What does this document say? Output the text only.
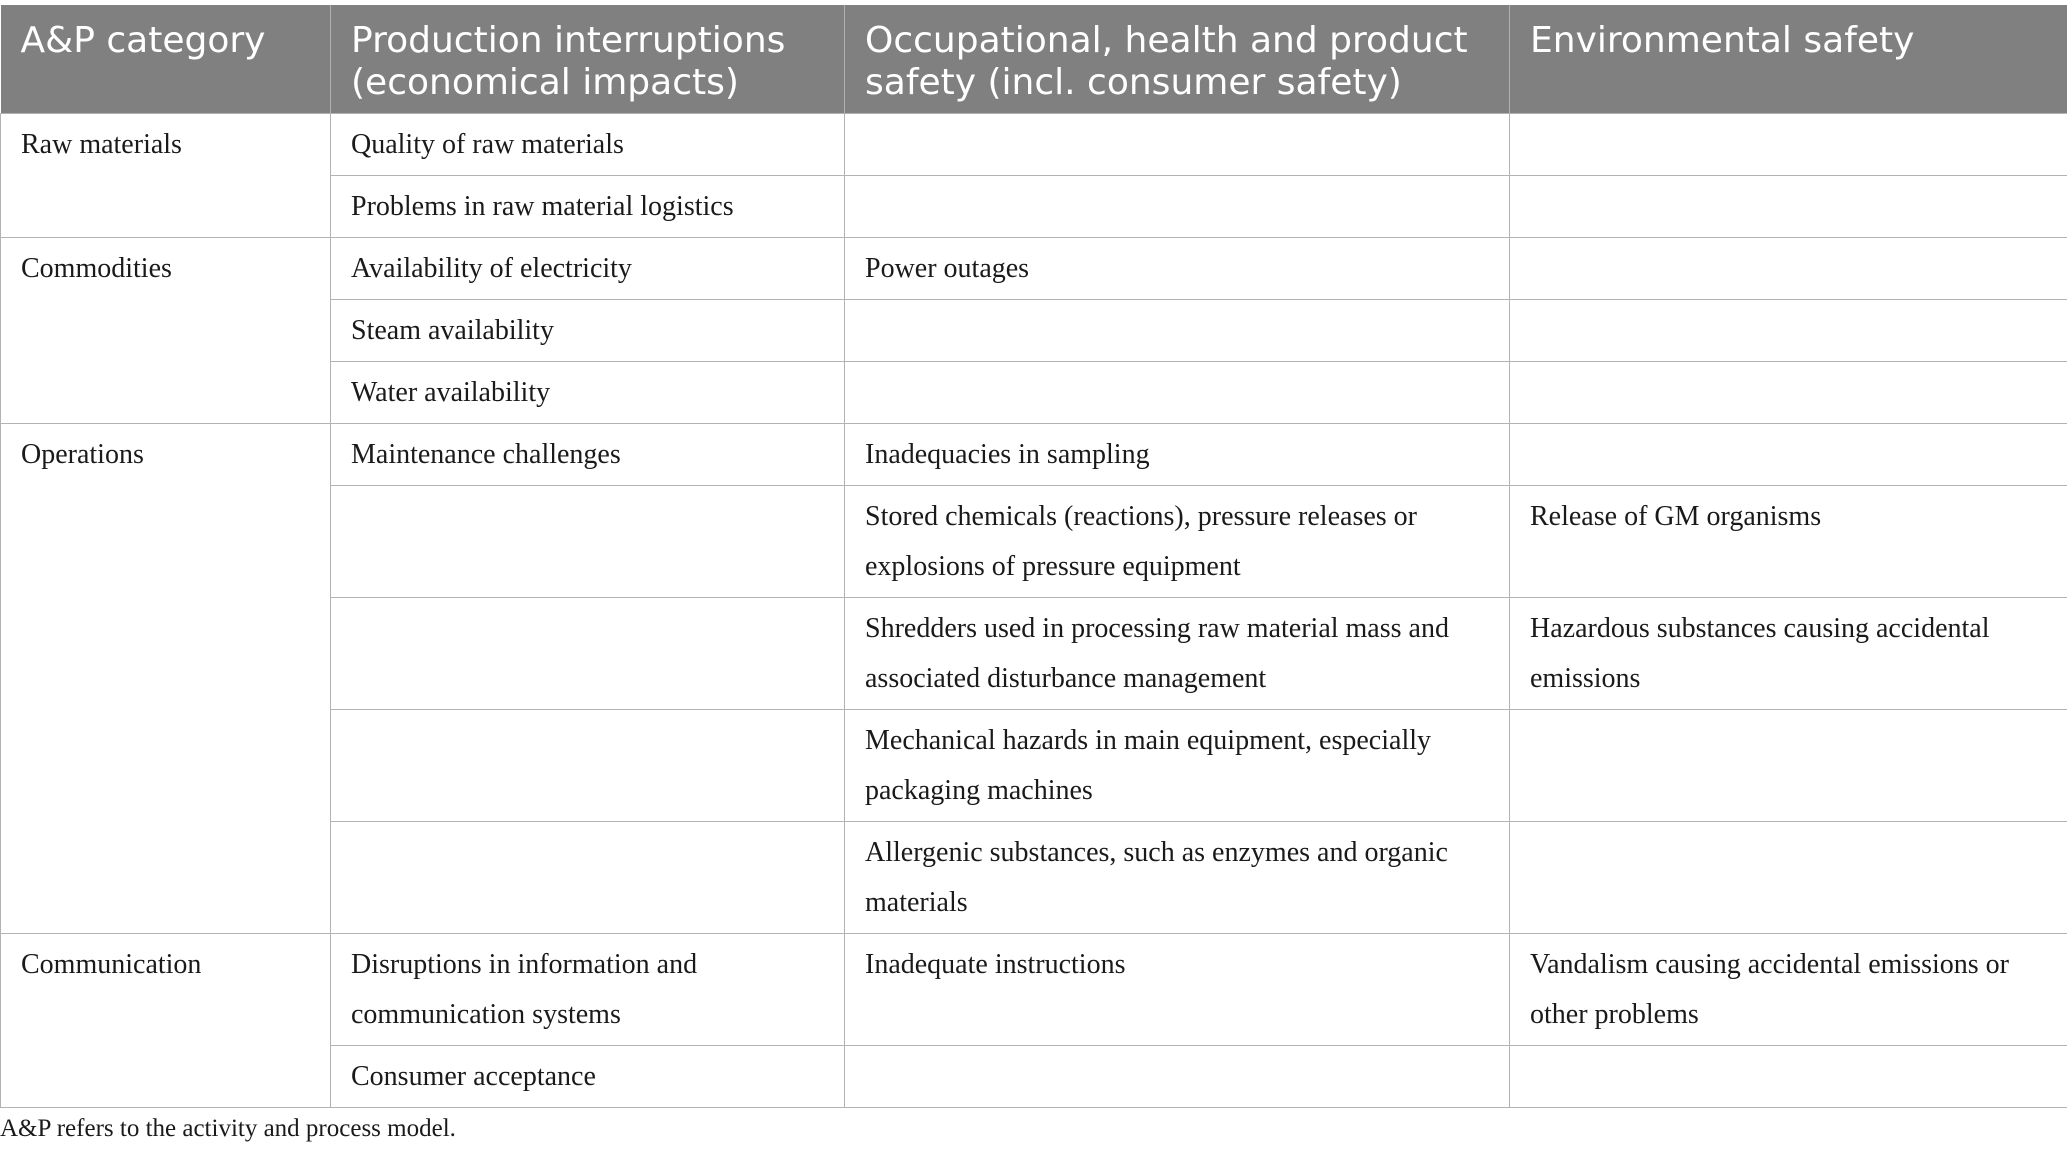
A&P category	Production interruptions (economical impacts)	Occupational, health and product safety (incl. consumer safety)	Environmental safety
Raw materials	Quality of raw materials		
	Problems in raw material logistics		
Commodities	Availability of electricity	Power outages	
	Steam availability		
	Water availability		
Operations	Maintenance challenges	Inadequacies in sampling	
		Stored chemicals (reactions), pressure releases or explosions of pressure equipment	Release of GM organisms
		Shredders used in processing raw material mass and associated disturbance management	Hazardous substances causing accidental emissions
		Mechanical hazards in main equipment, especially packaging machines	
		Allergenic substances, such as enzymes and organic materials	
Communication	Disruptions in information and communication systems	Inadequate instructions	Vandalism causing accidental emissions or other problems
	Consumer acceptance		
A&P refers to the activity and process model.
